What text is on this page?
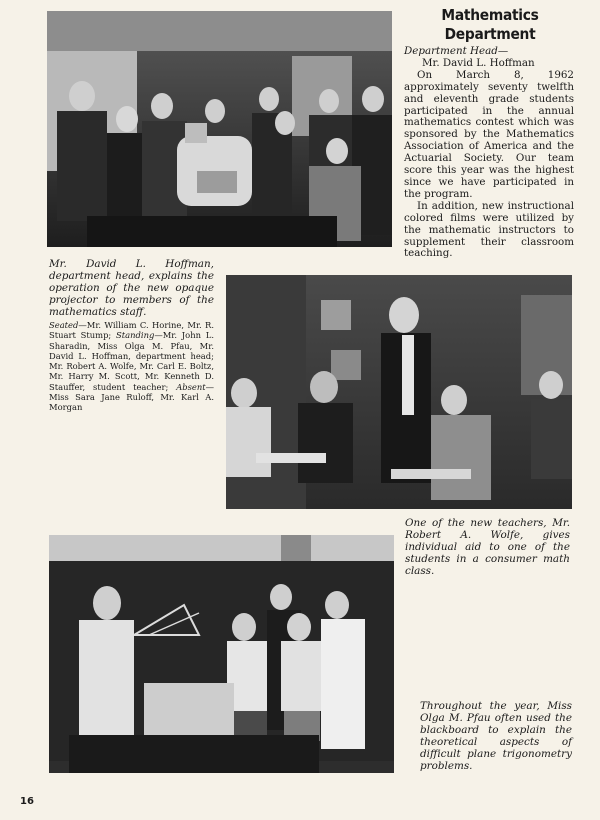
Mathematics
Department

Department Head—

Mr. David L. Hoffman

On March 8, 1962 approximately seventy twelfth and eleventh grade students participated in the annual mathematics contest which was sponsored by the Mathematics Association of America and the Actuarial Society. Our team score this year was the highest since we have participated in the program.

In addition, new instructional colored films were utilized by the mathematic instructors to supplement their classroom teaching.

Mr. David L. Hoffman, department head, explains the operation of the new opaque projector to members of the mathematics staff.
Seated—Mr. William C. Horine, Mr. R. Stuart Stump; Standing—Mr. John L. Sharadin, Miss Olga M. Pfau, Mr. David L. Hoffman, department head; Mr. Robert A. Wolfe, Mr. Carl E. Boltz, Mr. Harry M. Scott, Mr. Kenneth D. Stauffer, student teacher; Absent—Miss Sara Jane Ruloff, Mr. Karl A. Morgan
One of the new teachers, Mr. Robert A. Wolfe, gives individual aid to one of the students in a consumer math class.
Throughout the year, Miss Olga M. Pfau often used the blackboard to explain the theoretical aspects of difficult plane trigonometry problems.
16
